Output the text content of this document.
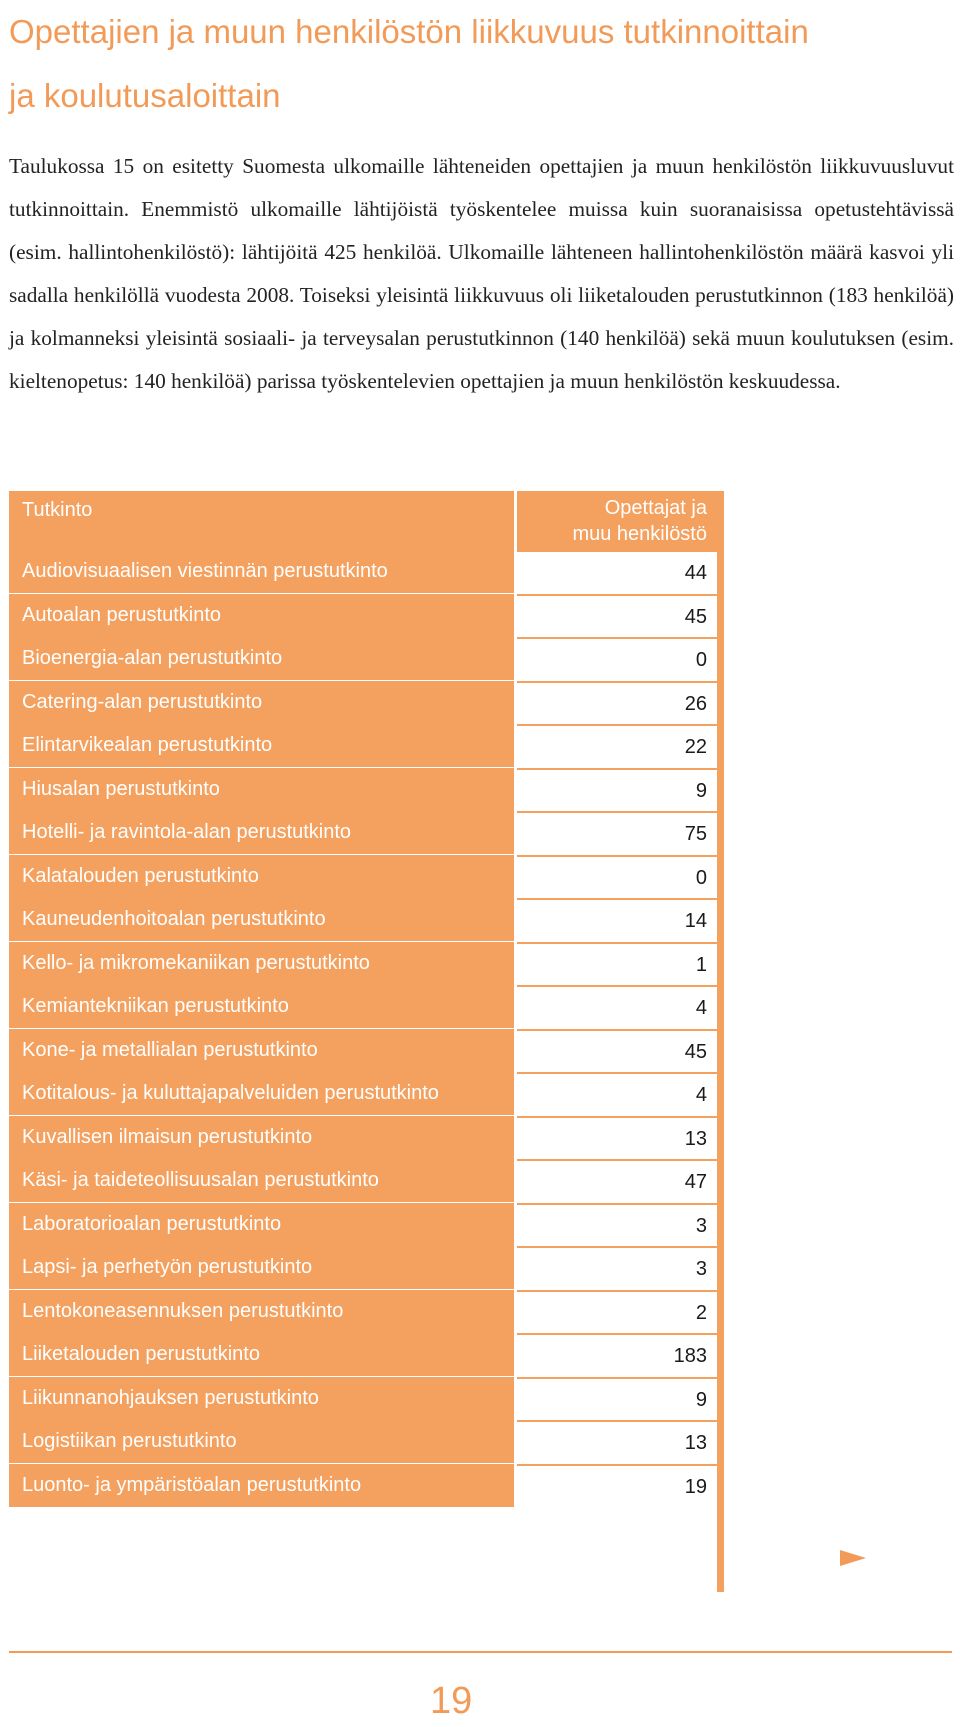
Opettajien ja muun henkilöstön liikkuvuus tutkinnoittain
ja koulutusaloittain

Taulukossa 15 on esitetty Suomesta ulkomaille lähteneiden opettajien ja muun henkilöstön liikkuvuusluvut tutkinnoittain. Enemmistö ulkomaille lähtijöistä työskentelee muissa kuin suoranaisissa opetustehtävissä (esim. hallintohenkilöstö): lähtijöitä 425 henkilöä. Ulkomaille lähteneen hallintohenkilöstön määrä kasvoi yli sadalla henkilöllä vuodesta 2008. Toiseksi yleisintä liikkuvuus oli liiketalouden perustutkinnon (183 henkilöä) ja kolmanneksi yleisintä sosiaali- ja terveysalan perustutkinnon (140 henkilöä) sekä muun koulutuksen (esim. kieltenopetus: 140 henkilöä) parissa työskentelevien opettajien ja muun henkilöstön keskuudessa.

Tutkinto	Opettajat ja
muu henkilöstö
Audiovisuaalisen viestinnän perustutkinto	44
Autoalan perustutkinto	45
Bioenergia-alan perustutkinto	0
Catering-alan perustutkinto	26
Elintarvikealan perustutkinto	22
Hiusalan perustutkinto	9
Hotelli- ja ravintola-alan perustutkinto	75
Kalatalouden perustutkinto	0
Kauneudenhoitoalan perustutkinto	14
Kello- ja mikromekaniikan perustutkinto	1
Kemiantekniikan perustutkinto	4
Kone- ja metallialan perustutkinto	45
Kotitalous- ja kuluttajapalveluiden perustutkinto	4
Kuvallisen ilmaisun perustutkinto	13
Käsi- ja taideteollisuusalan perustutkinto	47
Laboratorioalan perustutkinto	3
Lapsi- ja perhetyön perustutkinto	3
Lentokoneasennuksen perustutkinto	2
Liiketalouden perustutkinto	183
Liikunnanohjauksen perustutkinto	9
Logistiikan perustutkinto	13
Luonto- ja ympäristöalan perustutkinto	19
19
